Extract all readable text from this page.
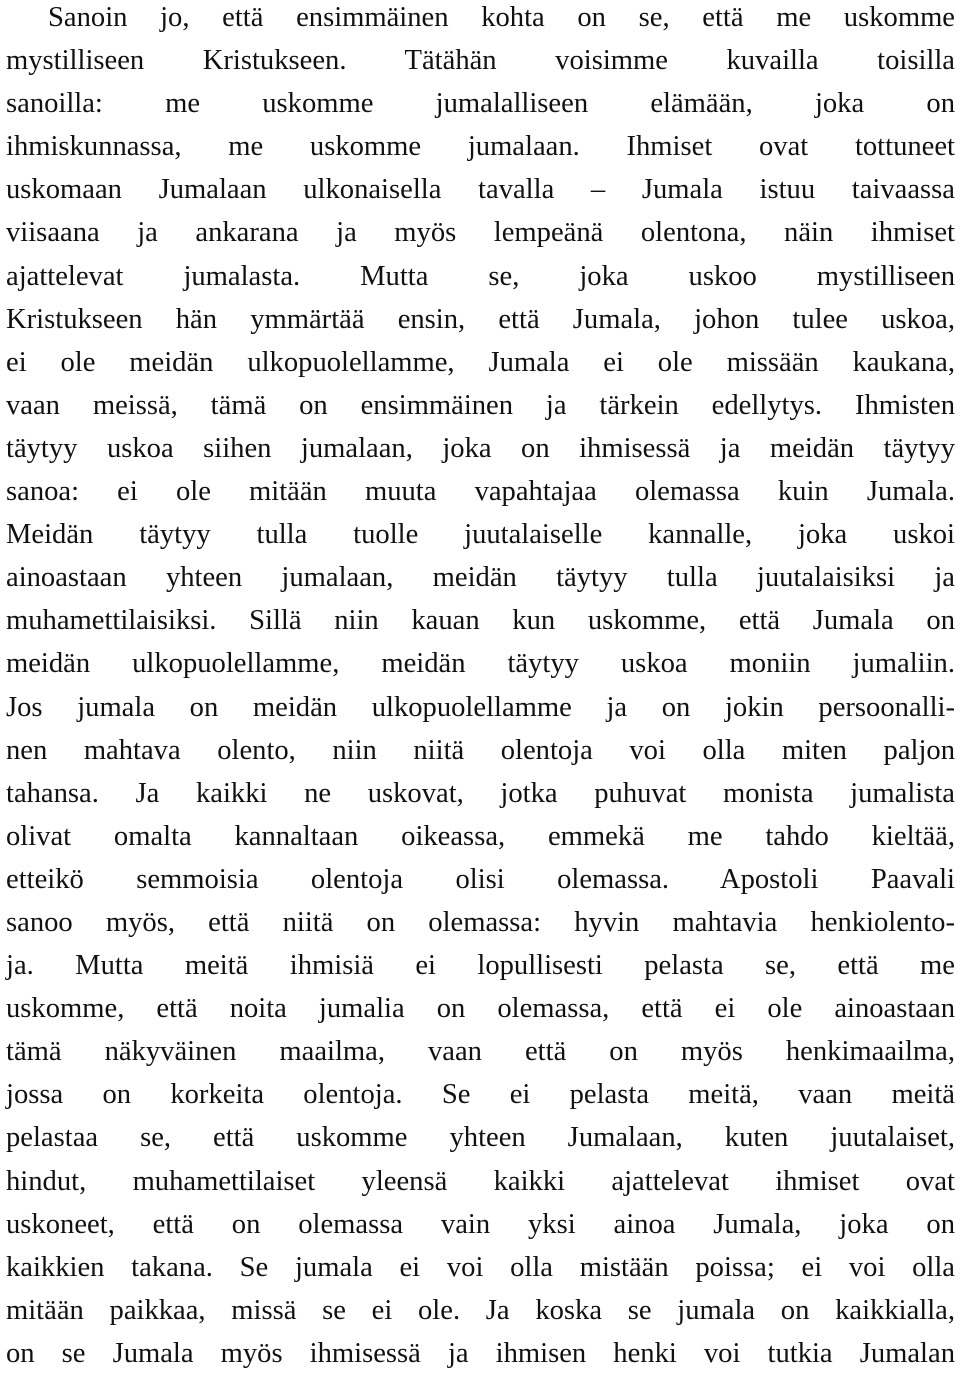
Sanoin jo, että ensimmäinen kohta on se, että me uskomme
mystilliseen Kristukseen. Tätähän voisimme kuvailla toisilla
sanoilla: me uskomme jumalalliseen elämään, joka on
ihmiskunnassa, me uskomme jumalaan. Ihmiset ovat tottuneet
uskomaan Jumalaan ulkonaisella tavalla – Jumala istuu taivaassa
viisaana ja ankarana ja myös lempeänä olentona, näin ihmiset
ajattelevat jumalasta. Mutta se, joka uskoo mystilliseen
Kristukseen hän ymmärtää ensin, että Jumala, johon tulee uskoa,
ei ole meidän ulkopuolellamme, Jumala ei ole missään kaukana,
vaan meissä, tämä on ensimmäinen ja tärkein edellytys. Ihmisten
täytyy uskoa siihen jumalaan, joka on ihmisessä ja meidän täytyy
sanoa: ei ole mitään muuta vapahtajaa olemassa kuin Jumala.
Meidän täytyy tulla tuolle juutalaiselle kannalle, joka uskoi
ainoastaan yhteen jumalaan, meidän täytyy tulla juutalaisiksi ja
muhamettilaisiksi. Sillä niin kauan kun uskomme, että Jumala on
meidän ulkopuolellamme, meidän täytyy uskoa moniin jumaliin.
Jos jumala on meidän ulkopuolellamme ja on jokin persoonalli-
nen mahtava olento, niin niitä olentoja voi olla miten paljon
tahansa. Ja kaikki ne uskovat, jotka puhuvat monista jumalista
olivat omalta kannaltaan oikeassa, emmekä me tahdo kieltää,
etteikö semmoisia olentoja olisi olemassa. Apostoli Paavali
sanoo myös, että niitä on olemassa: hyvin mahtavia henkiolento-
ja. Mutta meitä ihmisiä ei lopullisesti pelasta se, että me
uskomme, että noita jumalia on olemassa, että ei ole ainoastaan
tämä näkyväinen maailma, vaan että on myös henkimaailma,
jossa on korkeita olentoja. Se ei pelasta meitä, vaan meitä
pelastaa se, että uskomme yhteen Jumalaan, kuten juutalaiset,
hindut, muhamettilaiset yleensä kaikki ajattelevat ihmiset ovat
uskoneet, että on olemassa vain yksi ainoa Jumala, joka on
kaikkien takana. Se jumala ei voi olla mistään poissa; ei voi olla
mitään paikkaa, missä se ei ole. Ja koska se jumala on kaikkialla,
on se Jumala myös ihmisessä ja ihmisen henki voi tutkia Jumalan
